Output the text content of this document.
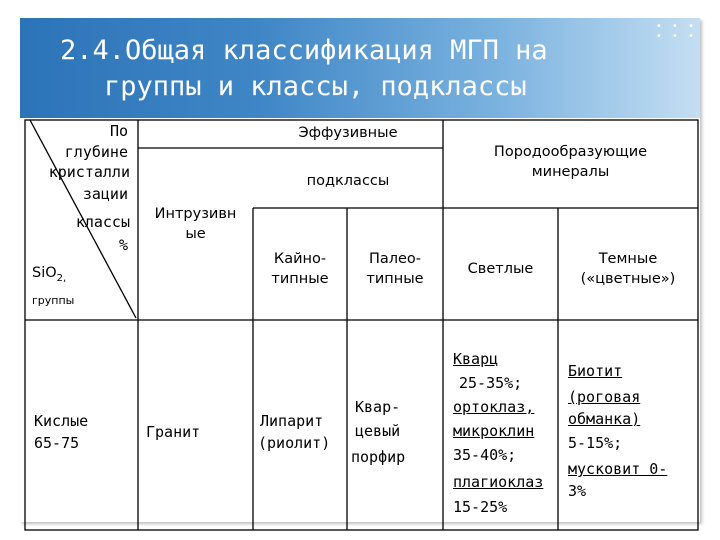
2.4.Общая классификация МГП на
группы и классы, подклассы
• • •
• • •
По
глубине
кристалли
зации
классы
%
SiO$_{2,}$
группы
Эффузивные
подклассы
Интрузивн
ые
Кайно-
типные
Палео-
типные
Породообразующие
минералы
Светлые
Темные
(«цветные»)
Кислые
65-75
Гранит
Липарит
(риолит)
Квар-
цевый
порфир
Кварц
25-35%;
ортоклаз,
микроклин
35-40%;
плагиоклаз
15-25%
Биотит
(роговая
обманка)
5-15%;
мусковит 0-
3%
